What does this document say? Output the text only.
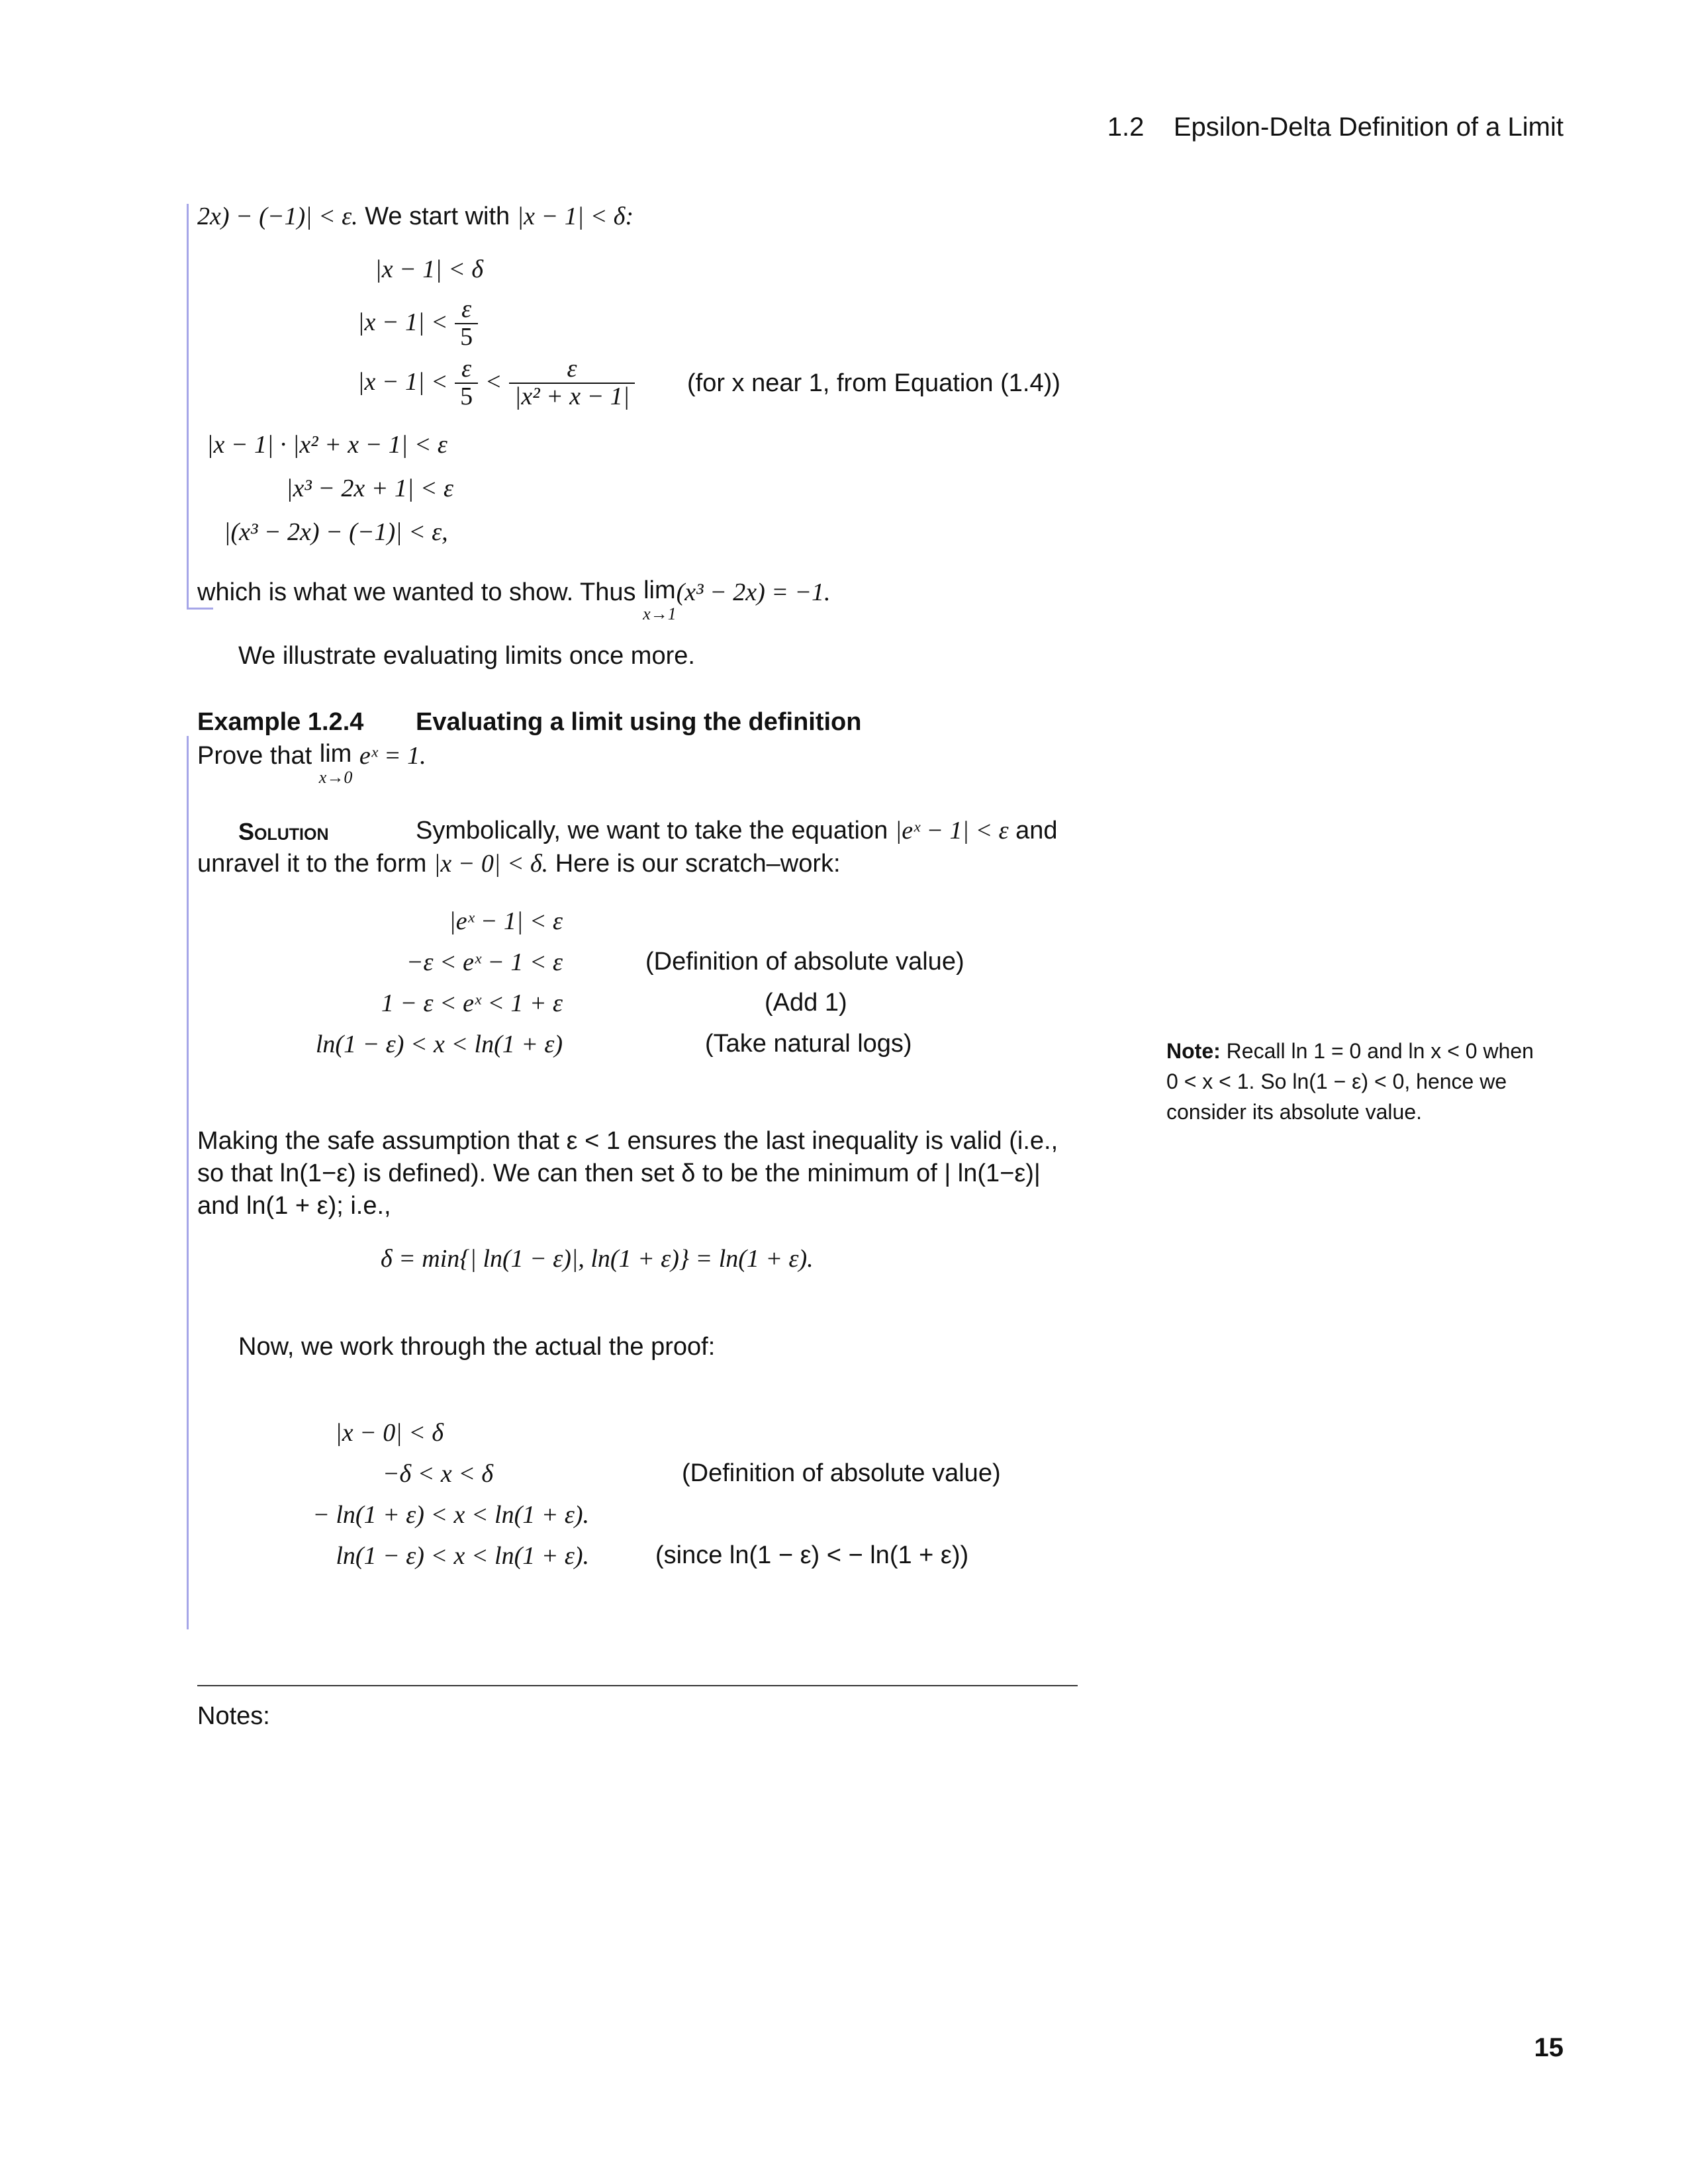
1.2 Epsilon-Delta Definition of a Limit
2x) − (−1)| < ε. We start with |x − 1| < δ:
|x − 1| < δ
$|x - 1| < \frac{\varepsilon}{5}$
$|x - 1| < \frac{\varepsilon}{5} < \frac{\varepsilon}{\text{|x² + x − 1|}} (for$ x near 1, from Equation (1.4))
|x − 1| · |x² + x − 1| < ε
|x³ − 2x + 1| < ε
|(x³ − 2x) − (−1)| < ε,
which is what we wanted to show. Thus lim
x→1
(x³ − 2x) = −1.
We illustrate evaluating limits once more.
Example 1.2.4 Evaluating a limit using the definition
Prove that lim
x→0
eˣ = 1.
Solution	Symbolically, we want to take the equation |eˣ − 1| < ε and
unravel it to the form |x − 0| < δ. Here is our scratch–work:
|eˣ − 1| < ε
−ε < eˣ − 1 < ε	(Definition of absolute value)
1 − ε < eˣ < 1 + ε	(Add 1)
ln(1 − ε) < x < ln(1 + ε)	(Take natural logs)	Note: Recall ln 1 = 0 and ln x < 0 when
0 < x < 1. So ln(1 − ε) < 0, hence we
consider its absolute value.
Making the safe assumption that ε < 1 ensures the last inequality is valid (i.e.,
so that ln(1−ε) is defined). We can then set δ to be the minimum of | ln(1−ε)|
and ln(1 + ε); i.e.,
δ = min{| ln(1 − ε)|, ln(1 + ε)} = ln(1 + ε).
Now, we work through the actual the proof:
|x − 0| < δ
−δ < x < δ	(Definition of absolute value)
− ln(1 + ε) < x < ln(1 + ε).
ln(1 − ε) < x < ln(1 + ε).	(since ln(1 − ε) < − ln(1 + ε))
Notes:
15
